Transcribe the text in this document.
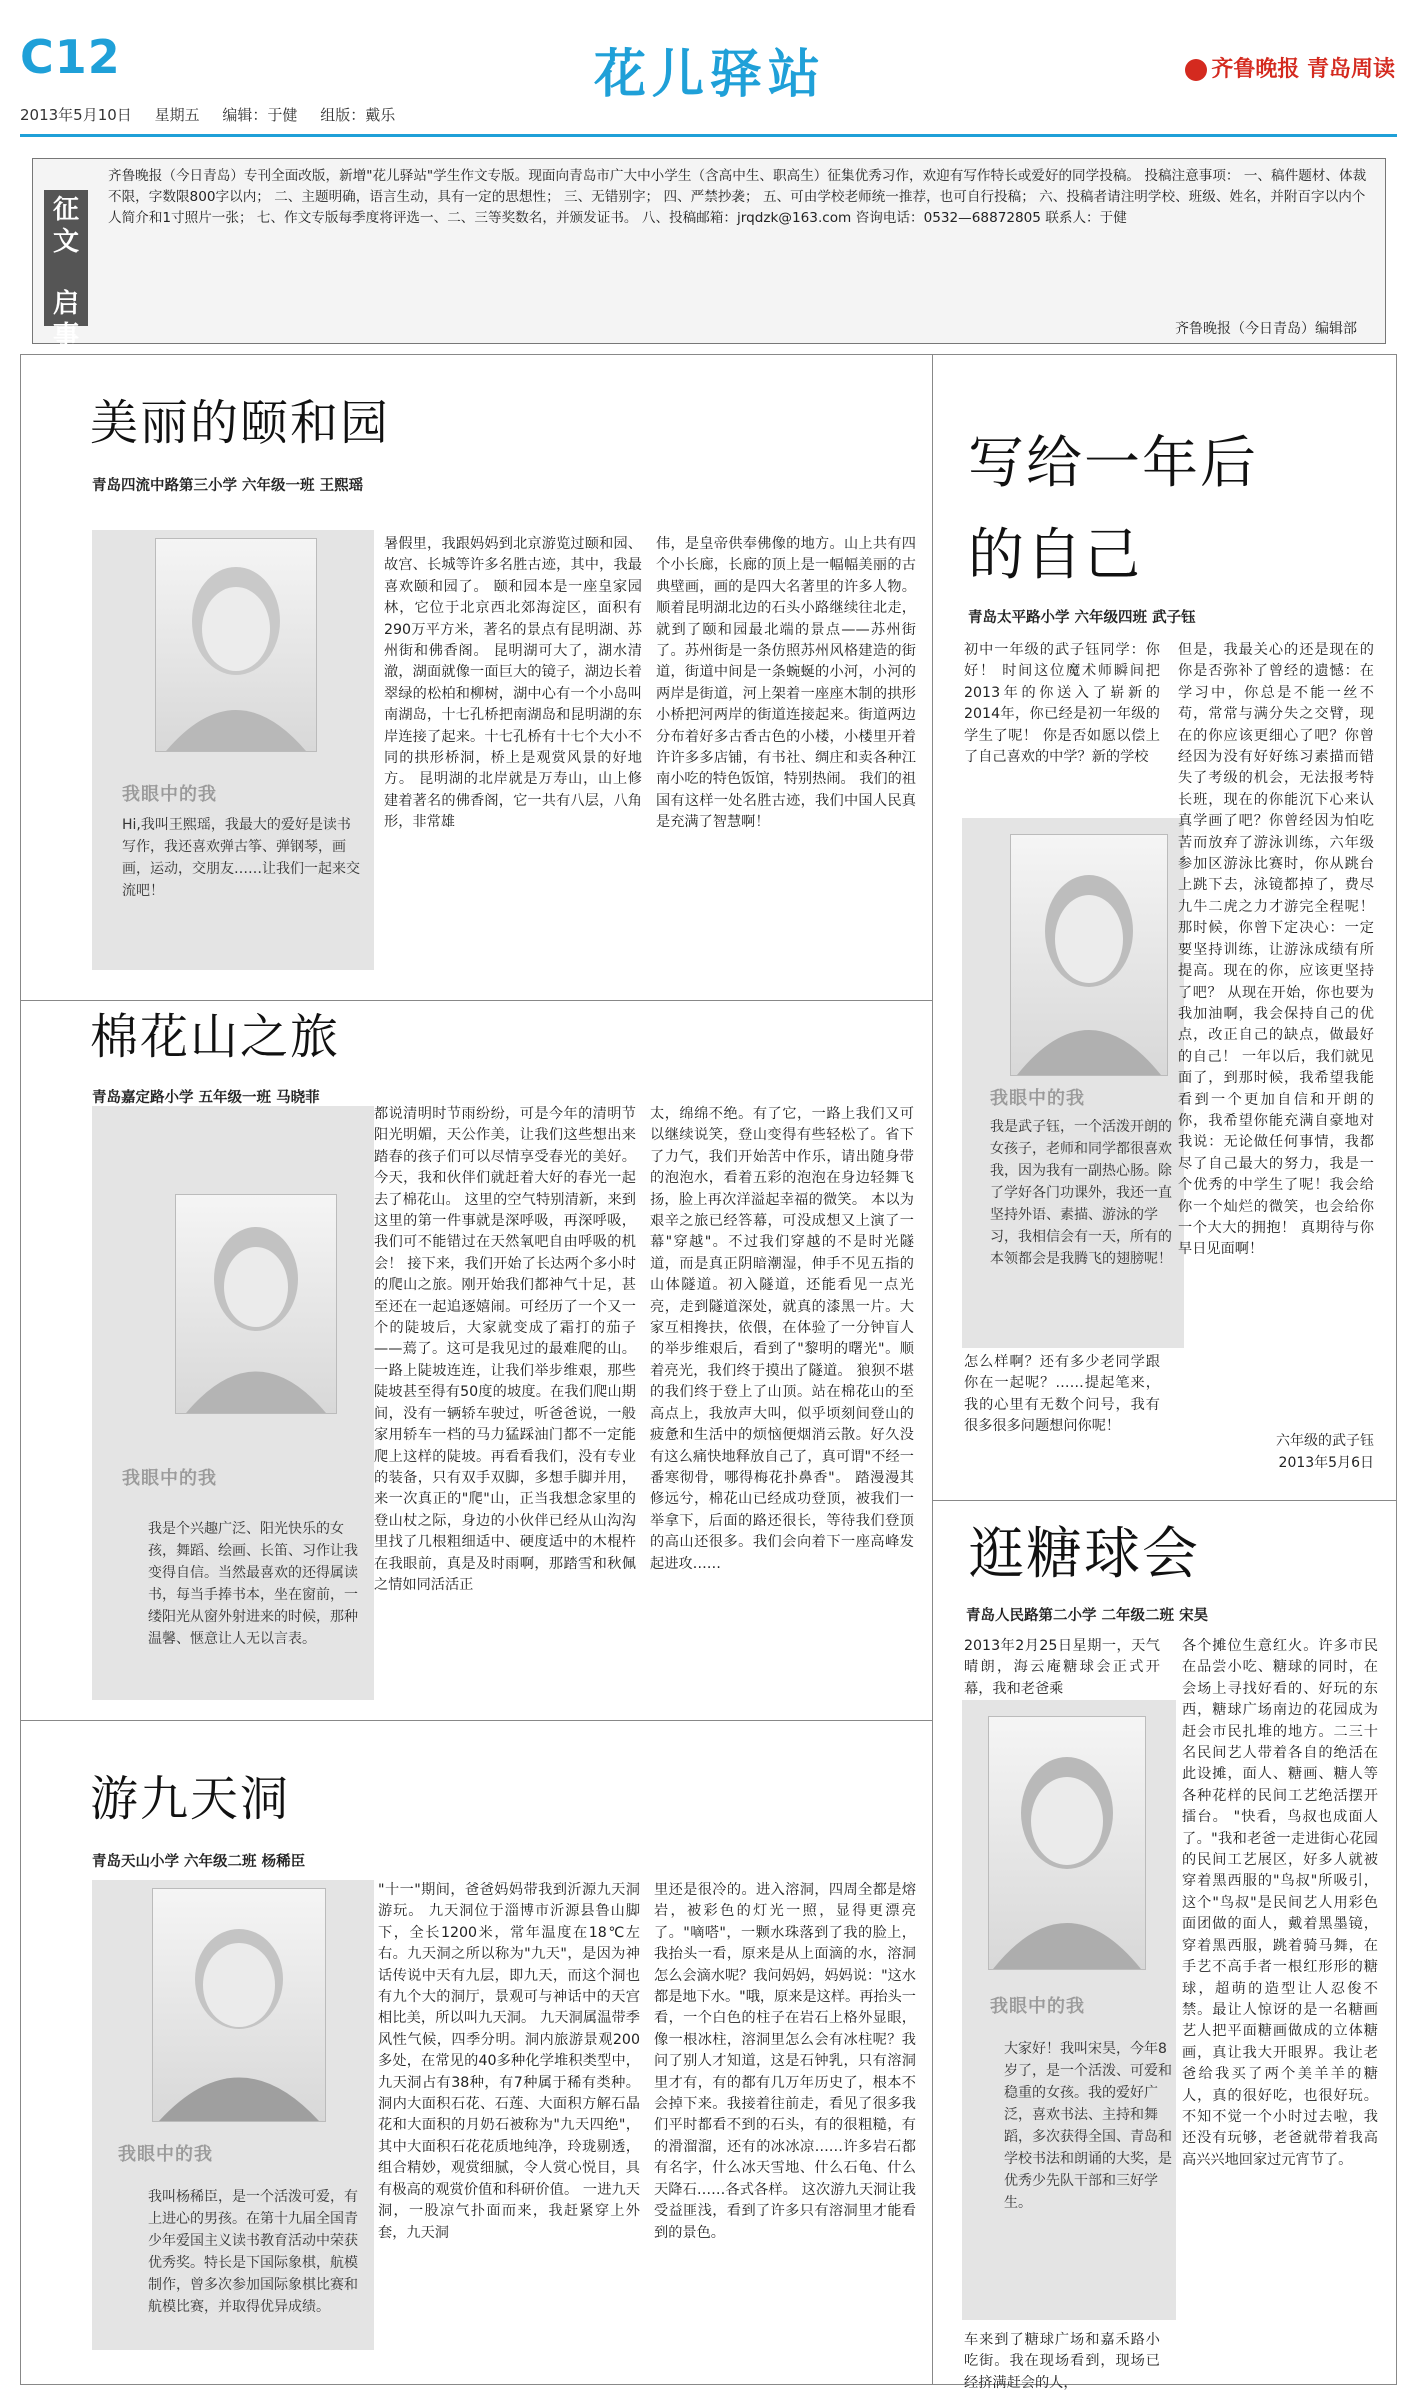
C12	花儿驿站	齐鲁晚报 青岛周读
2013年5月10日 星期五 编辑：于健 组版：戴乐
征文
启事
齐鲁晚报（今日青岛）专刊全面改版，新增"花儿驿站"学生作文专版。现面向青岛市广大中小学生（含高中生、职高生）征集优秀习作，欢迎有写作特长或爱好的同学投稿。 投稿注意事项： 一、稿件题材、体裁不限，字数限800字以内； 二、主题明确，语言生动，具有一定的思想性； 三、无错别字； 四、严禁抄袭； 五、可由学校老师统一推荐，也可自行投稿； 六、投稿者请注明学校、班级、姓名，并附百字以内个人简介和1寸照片一张； 七、作文专版每季度将评选一、二、三等奖数名，并颁发证书。 八、投稿邮箱：jrqdzk@163.com 咨询电话：0532—68872805 联系人：于健
齐鲁晚报（今日青岛）编辑部
美丽的颐和园
青岛四流中路第三小学 六年级一班 王熙瑶
我眼中的我
Hi,我叫王熙瑶，我最大的爱好是读书写作，我还喜欢弹古筝、弹钢琴，画画，运动，交朋友……让我们一起来交流吧！
暑假里，我跟妈妈到北京游览过颐和园、故宫、长城等许多名胜古迹，其中，我最喜欢颐和园了。 颐和园本是一座皇家园林，它位于北京西北郊海淀区，面积有290万平方米，著名的景点有昆明湖、苏州街和佛香阁。 昆明湖可大了，湖水清澈，湖面就像一面巨大的镜子，湖边长着翠绿的松柏和柳树，湖中心有一个小岛叫南湖岛，十七孔桥把南湖岛和昆明湖的东岸连接了起来。十七孔桥有十七个大小不同的拱形桥洞，桥上是观赏风景的好地方。 昆明湖的北岸就是万寿山，山上修建着著名的佛香阁，它一共有八层，八角形，非常雄
伟，是皇帝供奉佛像的地方。山上共有四个小长廊，长廊的顶上是一幅幅美丽的古典壁画，画的是四大名著里的许多人物。 顺着昆明湖北边的石头小路继续往北走，就到了颐和园最北端的景点——苏州街了。苏州街是一条仿照苏州风格建造的街道，街道中间是一条蜿蜒的小河，小河的两岸是街道，河上架着一座座木制的拱形小桥把河两岸的街道连接起来。街道两边分布着好多古香古色的小楼，小楼里开着许许多多店铺，有书社、绸庄和卖各种江南小吃的特色饭馆，特别热闹。 我们的祖国有这样一处名胜古迹，我们中国人民真是充满了智慧啊！
棉花山之旅
青岛嘉定路小学 五年级一班 马晓菲
我眼中的我
我是个兴趣广泛、阳光快乐的女孩，舞蹈、绘画、长笛、习作让我变得自信。当然最喜欢的还得属读书，每当手捧书本，坐在窗前，一缕阳光从窗外射进来的时候，那种温馨、惬意让人无以言表。
都说清明时节雨纷纷，可是今年的清明节阳光明媚，天公作美，让我们这些想出来踏春的孩子们可以尽情享受春光的美好。今天，我和伙伴们就赶着大好的春光一起去了棉花山。 这里的空气特别清新，来到这里的第一件事就是深呼吸，再深呼吸，我们可不能错过在天然氧吧自由呼吸的机会！ 接下来，我们开始了长达两个多小时的爬山之旅。刚开始我们都神气十足，甚至还在一起追逐嬉闹。可经历了一个又一个的陡坡后，大家就变成了霜打的茄子——蔫了。这可是我见过的最难爬的山。一路上陡坡连连，让我们举步维艰，那些陡坡甚至得有50度的坡度。在我们爬山期间，没有一辆轿车驶过，听爸爸说，一般家用轿车一档的马力猛踩油门都不一定能爬上这样的陡坡。再看看我们，没有专业的装备，只有双手双脚，多想手脚并用，来一次真正的"爬"山，正当我想念家里的登山杖之际，身边的小伙伴已经从山沟沟里找了几根粗细适中、硬度适中的木棍杵在我眼前，真是及时雨啊，那踏雪和秋佩之情如同活活正
太，绵绵不绝。有了它，一路上我们又可以继续说笑，登山变得有些轻松了。省下了力气，我们开始苦中作乐，请出随身带的泡泡水，看着五彩的泡泡在身边轻舞飞扬，脸上再次洋溢起幸福的微笑。 本以为艰辛之旅已经答幕，可没成想又上演了一幕"穿越"。不过我们穿越的不是时光隧道，而是真正阴暗潮湿，伸手不见五指的山体隧道。初入隧道，还能看见一点光亮，走到隧道深处，就真的漆黑一片。大家互相搀扶，依偎，在体验了一分钟盲人的举步维艰后，看到了"黎明的曙光"。顺着亮光，我们终于摸出了隧道。 狼狈不堪的我们终于登上了山顶。站在棉花山的至高点上，我放声大叫，似乎顷刻间登山的疲惫和生活中的烦恼便烟消云散。好久没有这么痛快地释放自己了，真可谓"不经一番寒彻骨，哪得梅花扑鼻香"。 踏漫漫其修远兮，棉花山已经成功登顶，被我们一举拿下，后面的路还很长，等待我们登顶的高山还很多。我们会向着下一座高峰发起进攻……
游九天洞
青岛天山小学 六年级二班 杨稀臣
我眼中的我
我叫杨稀臣，是一个活泼可爱，有上进心的男孩。在第十九届全国青少年爱国主义读书教育活动中荣获优秀奖。特长是下国际象棋，航模制作，曾多次参加国际象棋比赛和航模比赛，并取得优异成绩。
"十一"期间，爸爸妈妈带我到沂源九天洞游玩。 九天洞位于淄博市沂源县鲁山脚下，全长1200米，常年温度在18℃左右。九天洞之所以称为"九天"，是因为神话传说中天有九层，即九天，而这个洞也有九个大的洞厅，景观可与神话中的天宫相比美，所以叫九天洞。 九天洞属温带季风性气候，四季分明。洞内旅游景观200多处，在常见的40多种化学堆积类型中，九天洞占有38种，有7种属于稀有类种。洞内大面积石花、石莲、大面积方解石晶花和大面积的月奶石被称为"九天四绝"，其中大面积石花花质地纯净，玲珑剔透，组合精妙，观赏细腻，令人赏心悦目，具有极高的观赏价值和科研价值。 一进九天洞，一股凉气扑面而来，我赶紧穿上外套，九天洞
里还是很冷的。进入溶洞，四周全都是熔岩，被彩色的灯光一照，显得更漂亮了。"嘀嗒"，一颗水珠落到了我的脸上，我抬头一看，原来是从上面滴的水，溶洞怎么会滴水呢？我问妈妈，妈妈说："这水都是地下水。"哦，原来是这样。再抬头一看，一个白色的柱子在岩石上格外显眼，像一根冰柱，溶洞里怎么会有冰柱呢？我问了别人才知道，这是石钟乳，只有溶洞里才有，有的都有几万年历史了，根本不会掉下来。我接着往前走，看见了很多我们平时都看不到的石头，有的很粗糙，有的滑溜溜，还有的冰冰凉……许多岩石都有名字，什么冰天雪地、什么石龟、什么天降石……各式各样。 这次游九天洞让我受益匪浅，看到了许多只有溶洞里才能看到的景色。
写给一年后的自己
青岛太平路小学 六年级四班 武子钰
初中一年级的武子钰同学：你好！ 时间这位魔术师瞬间把2013年的你送入了崭新的2014年，你已经是初一年级的学生了呢！ 你是否如愿以偿上了自己喜欢的中学？新的学校
我眼中的我
我是武子钰，一个活泼开朗的女孩子，老师和同学都很喜欢我，因为我有一副热心肠。除了学好各门功课外，我还一直坚持外语、素描、游泳的学习，我相信会有一天，所有的本领都会是我腾飞的翅膀呢！
怎么样啊？还有多少老同学跟你在一起呢？……提起笔来，我的心里有无数个问号，我有很多很多问题想问你呢！
但是，我最关心的还是现在的你是否弥补了曾经的遗憾：在学习中，你总是不能一丝不苟，常常与满分失之交臂，现在的你应该更细心了吧？你曾经因为没有好好练习素描而错失了考级的机会，无法报考特长班，现在的你能沉下心来认真学画了吧？你曾经因为怕吃苦而放弃了游泳训练，六年级参加区游泳比赛时，你从跳台上跳下去，泳镜都掉了，费尽九牛二虎之力才游完全程呢！那时候，你曾下定决心：一定要坚持训练，让游泳成绩有所提高。现在的你，应该更坚持了吧？ 从现在开始，你也要为我加油啊，我会保持自己的优点，改正自己的缺点，做最好的自己！ 一年以后，我们就见面了，到那时候，我希望我能看到一个更加自信和开朗的你，我希望你能充满自豪地对我说：无论做任何事情，我都尽了自己最大的努力，我是一个优秀的中学生了呢！我会给你一个灿烂的微笑，也会给你一个大大的拥抱！ 真期待与你早日见面啊！
六年级的武子钰
2013年5月6日
逛糖球会
青岛人民路第二小学 二年级二班 宋昊
2013年2月25日星期一，天气晴朗，海云庵糖球会正式开幕，我和老爸乘
我眼中的我
大家好！我叫宋昊，今年8岁了，是一个活泼、可爱和稳重的女孩。我的爱好广泛，喜欢书法、主持和舞蹈，多次获得全国、青岛和学校书法和朗诵的大奖，是优秀少先队干部和三好学生。
车来到了糖球广场和嘉禾路小吃街。我在现场看到，现场已经挤满赶会的人，
各个摊位生意红火。许多市民在品尝小吃、糖球的同时，在会场上寻找好看的、好玩的东西，糖球广场南边的花园成为赶会市民扎堆的地方。二三十名民间艺人带着各自的绝活在此设摊，面人、糖画、糖人等各种花样的民间工艺绝活摆开擂台。 "快看，鸟叔也成面人了。"我和老爸一走进街心花园的民间工艺展区，好多人就被穿着黑西服的"鸟叔"所吸引，这个"鸟叔"是民间艺人用彩色面团做的面人，戴着黑墨镜，穿着黑西服，跳着骑马舞，在手艺不高手者一根红形形的糖球，超萌的造型让人忍俊不禁。最让人惊讶的是一名糖画艺人把平面糖画做成的立体糖画，真让我大开眼界。我让老爸给我买了两个美羊羊的糖人，真的很好吃，也很好玩。不知不觉一个小时过去啦，我还没有玩够，老爸就带着我高高兴兴地回家过元宵节了。
